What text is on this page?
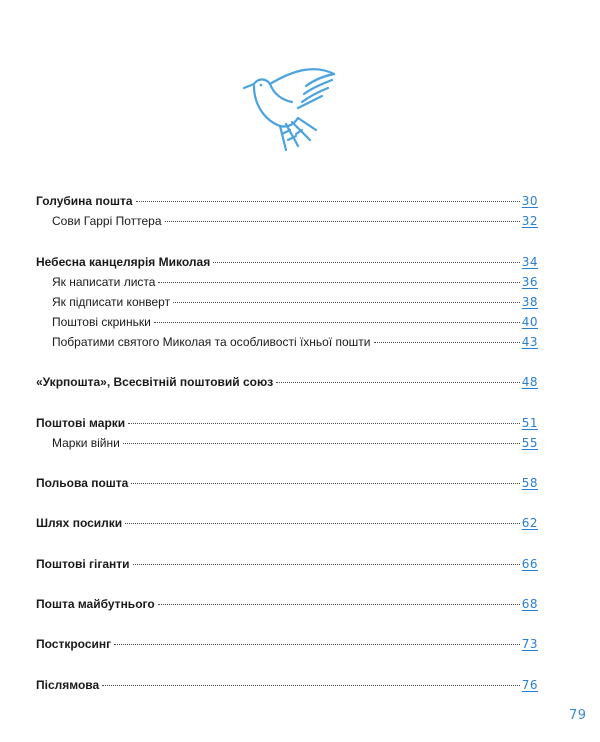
Голубина пошта	30
Сови Гаррі Поттера	32
Небесна канцелярія Миколая	34
Як написати листа	36
Як підписати конверт	38
Поштові скриньки	40
Побратими святого Миколая та особливості їхньої пошти	43
«Укрпошта», Всесвітній поштовий союз	48
Поштові марки	51
Марки війни	55
Польова пошта	58
Шлях посилки	62
Поштові гіганти	66
Пошта майбутнього	68
Посткросинг	73
Післямова	76
79
